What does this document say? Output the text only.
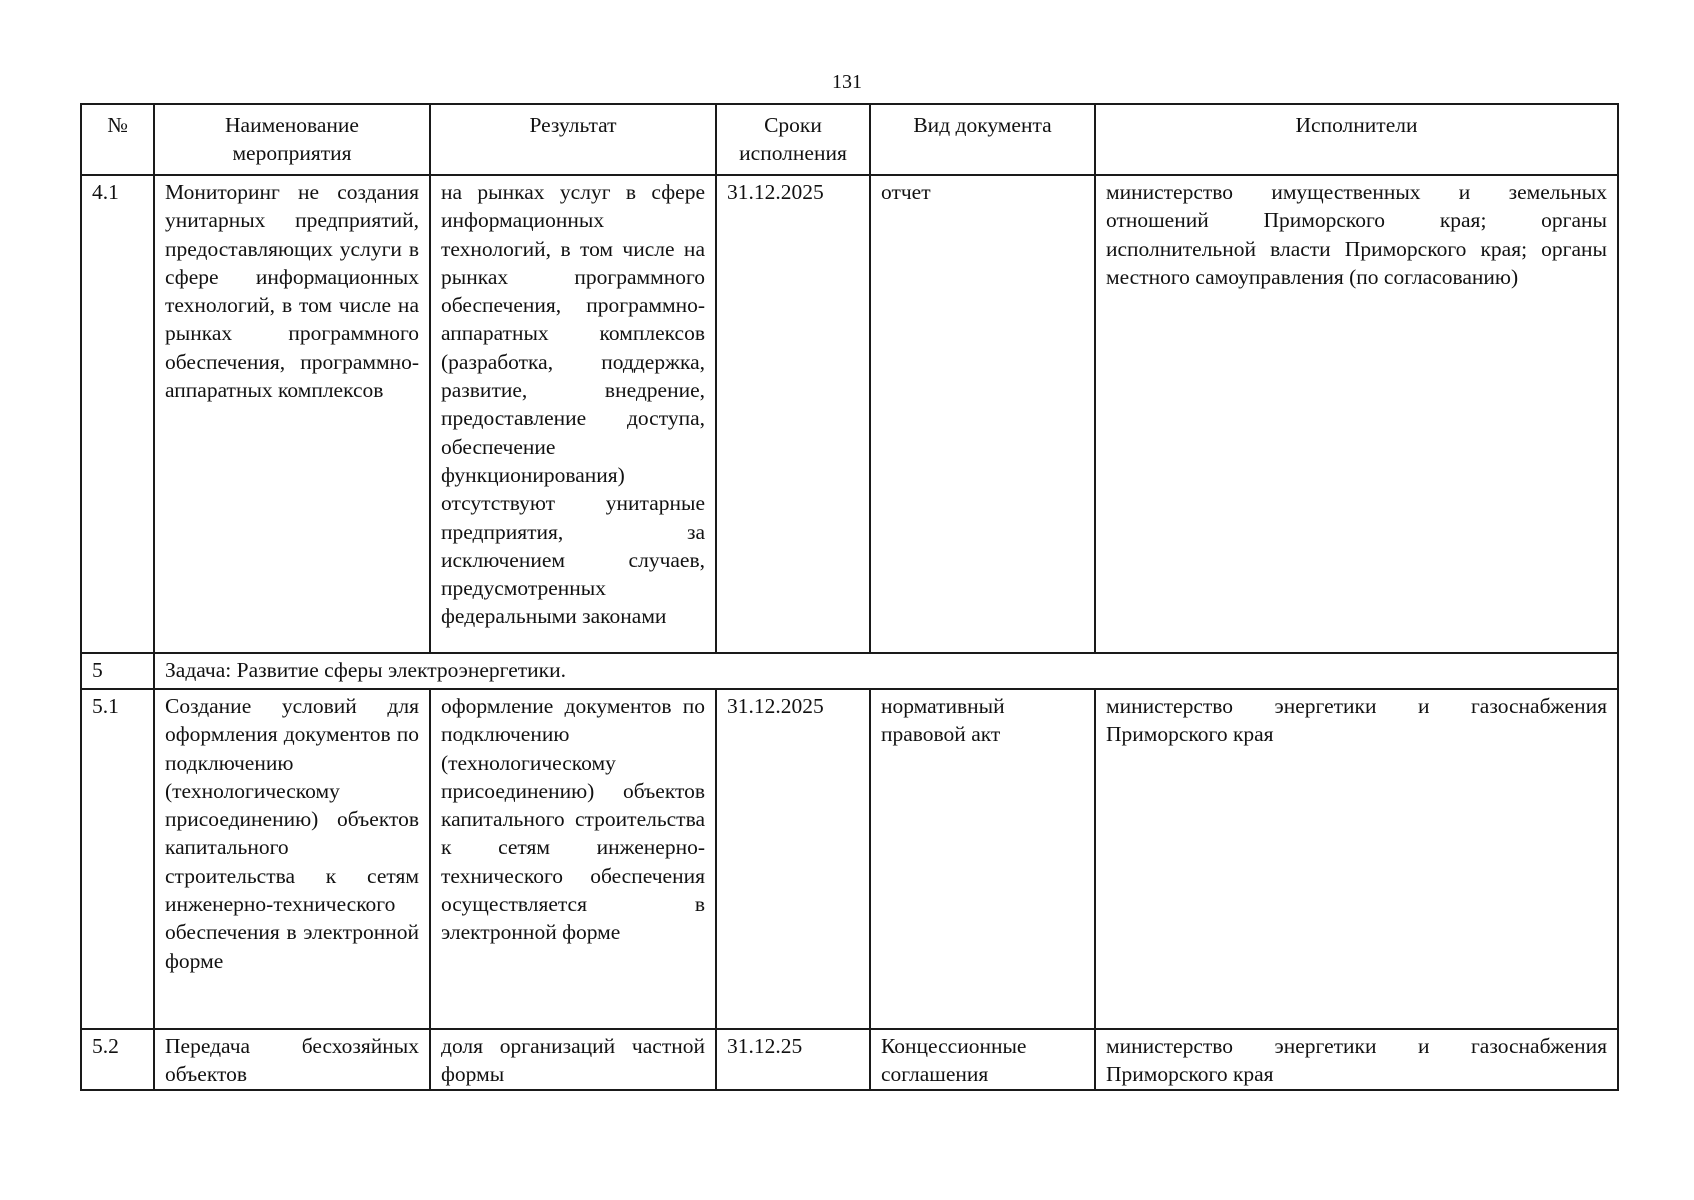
131
№	Наименование мероприятия	Результат	Сроки исполнения	Вид документа	Исполнители
4.1	Мониторинг не создания унитарных предприятий, предоставляющих услуги в сфере информационных технологий, в том числе на рынках программного обеспечения, программно-аппаратных комплексов	на рынках услуг в сфере информационных технологий, в том числе на рынках программного обеспечения, программно-аппаратных комплексов (разработка, поддержка, развитие, внедрение, предоставление доступа, обеспечение функционирования) отсутствуют унитарные предприятия, за исключением случаев, предусмотренных федеральными законами	31.12.2025	отчет	министерство имущественных и земельных отношений Приморского края; органы исполнительной власти Приморского края; органы местного самоуправления (по согласованию)
5	Задача: Развитие сферы электроэнергетики.				
5.1	Создание условий для оформления документов по подключению (технологическому присоединению) объектов капитального строительства к сетям инженерно-технического обеспечения в электронной форме	оформление документов по подключению (технологическому присоединению) объектов капитального строительства к сетям инженерно-технического обеспечения осуществляется в электронной форме	31.12.2025	нормативный правовой акт	министерство энергетики и газоснабжения Приморского края
5.2	Передача бесхозяйных объектов	доля организаций частной формы	31.12.25	Концессионные соглашения	министерство энергетики и газоснабжения Приморского края
